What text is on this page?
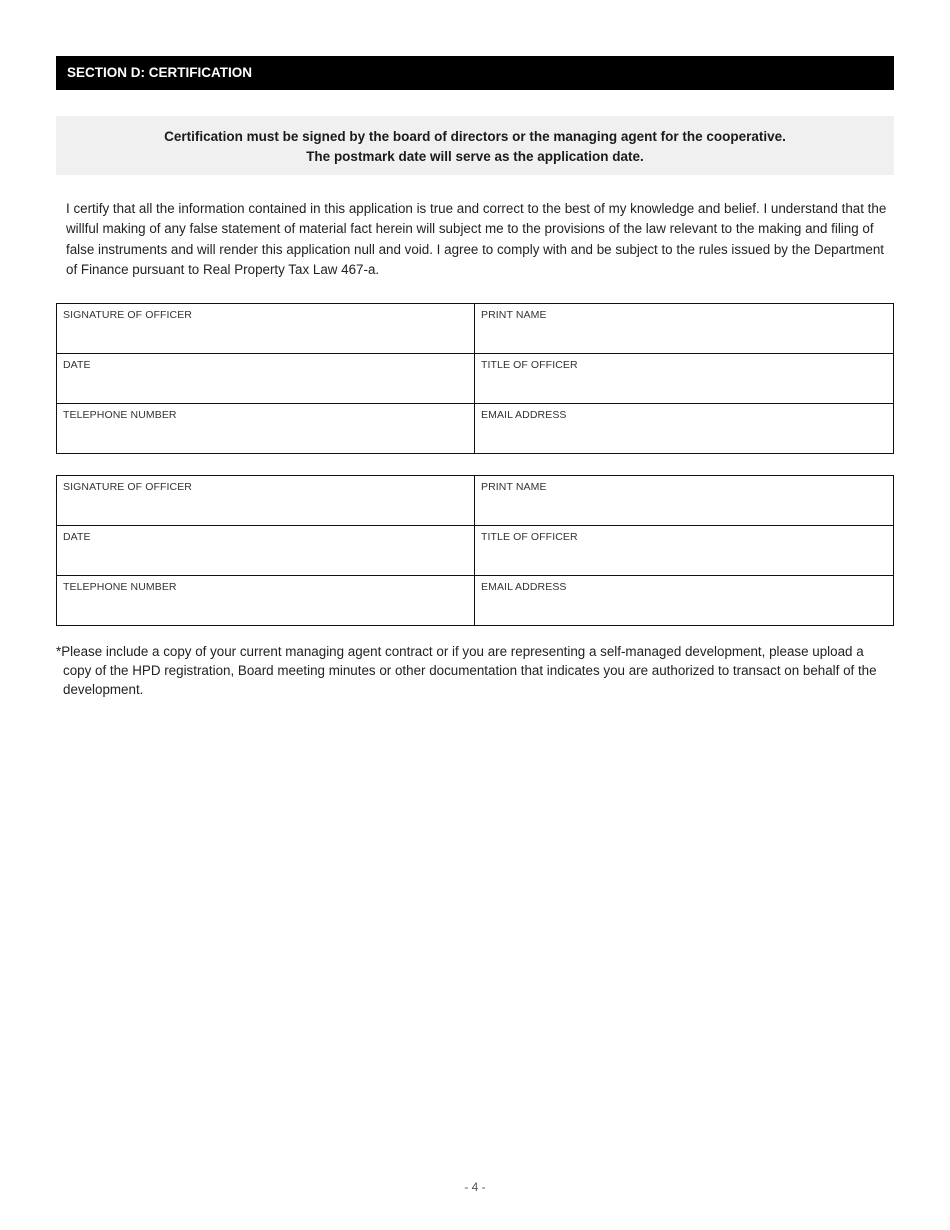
SECTION D: CERTIFICATION
Certification must be signed by the board of directors or the managing agent for the cooperative.
The postmark date will serve as the application date.
I certify that all the information contained in this application is true and correct to the best of my knowledge and belief. I understand that the willful making of any false statement of material fact herein will subject me to the provisions of the law relevant to the making and filing of false instruments and will render this application null and void. I agree to comply with and be subject to the rules issued by the Department of Finance pursuant to Real Property Tax Law 467-a.
SIGNATURE OF OFFICER	PRINT NAME
DATE	TITLE OF OFFICER
TELEPHONE NUMBER	EMAIL ADDRESS
SIGNATURE OF OFFICER	PRINT NAME
DATE	TITLE OF OFFICER
TELEPHONE NUMBER	EMAIL ADDRESS
*Please include a copy of your current managing agent contract or if you are representing a self-managed development, please upload a
copy of the HPD registration, Board meeting minutes or other documentation that indicates you are authorized to transact on behalf of the development.
- 4 -
